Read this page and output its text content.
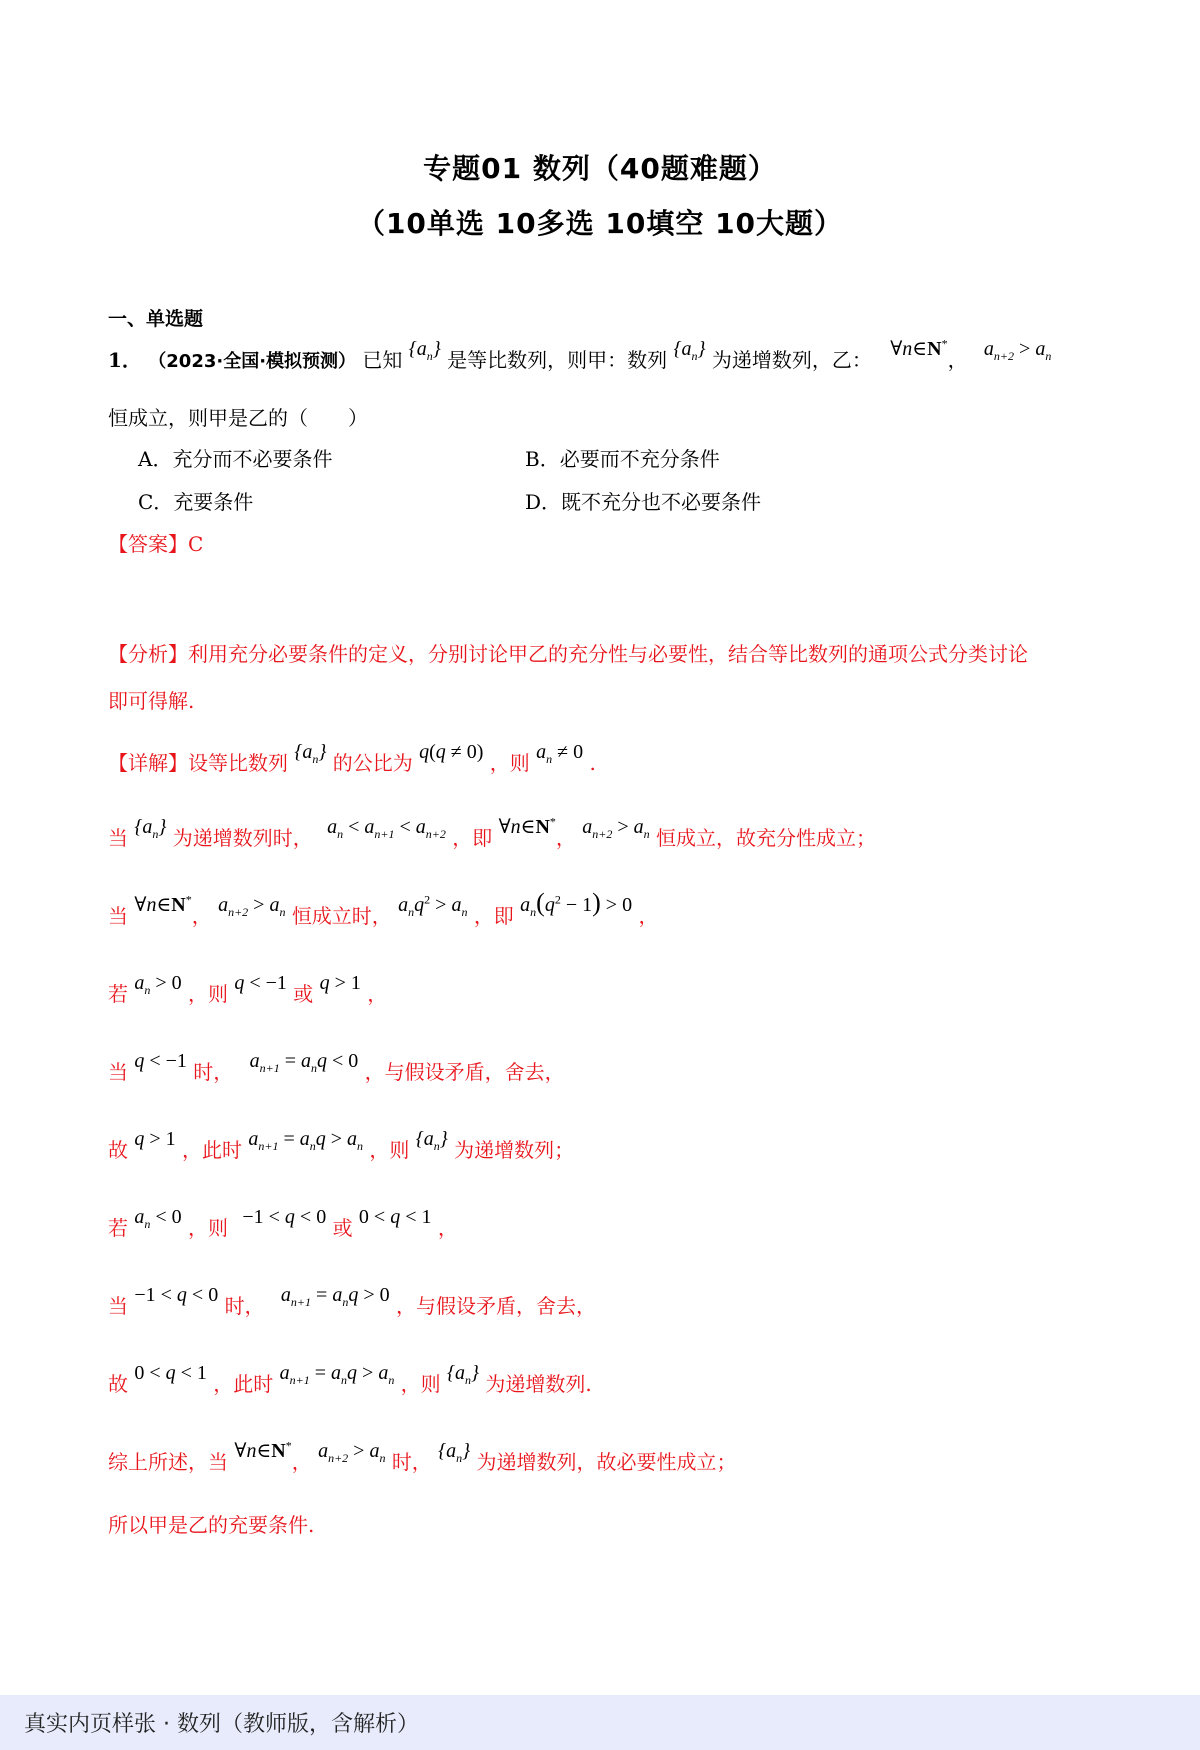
专题01 数列（40题难题）
（10单选 10多选 10填空 10大题）
一、单选题
1． （2023·全国·模拟预测） 已知 $\{a_n\}$ 是等比数列，则甲：数列 $\{a_n\}$ 为递增数列，乙： ∀n∈N*， $a_{n+2} > a_n$
恒成立，则甲是乙的（　　）
A．充分而不必要条件	B．必要而不充分条件
C．充要条件	D．既不充分也不必要条件
【答案】C
【分析】利用充分必要条件的定义，分别讨论甲乙的充分性与必要性，结合等比数列的通项公式分类讨论
即可得解.
【详解】设等比数列 $\{a_n\}$ 的公比为 q(q ≠ 0) ，则 $a_n \ne 0$ .
当 $\{a_n\}$ 为递增数列时， $a_n < a_{n+1} < a_{n+2}$ ，即 ∀n∈N*， $a_{n+2} > a_n$ 恒成立，故充分性成立；
当 ∀n∈N*， $a_{n+2} > a_n$ 恒成立时， $a_nq^2 > a_n$ ，即 $a_n(q^2 - 1) > 0$ ，
若 $a_n > 0$ ，则 q < −1 或 q > 1 ，
当 q < −1 时， $a_{n+1} = a_nq < 0$ ，与假设矛盾，舍去，
故 q > 1 ，此时 $a_{n+1} = a_nq > a_n$ ，则 $\{a_n\}$ 为递增数列；
若 $a_n < 0$ ，则 −1 < q < 0 或 0 < q < 1 ，
当 −1 < q < 0 时， $a_{n+1} = a_nq > 0$ ，与假设矛盾，舍去，
故 0 < q < 1 ，此时 $a_{n+1} = a_nq > a_n$ ，则 $\{a_n\}$ 为递增数列.
综上所述，当 ∀n∈N*， $a_{n+2} > a_n$ 时， $\{a_n\}$ 为递增数列，故必要性成立；
所以甲是乙的充要条件.
真实内页样张 · 数列（教师版，含解析）
